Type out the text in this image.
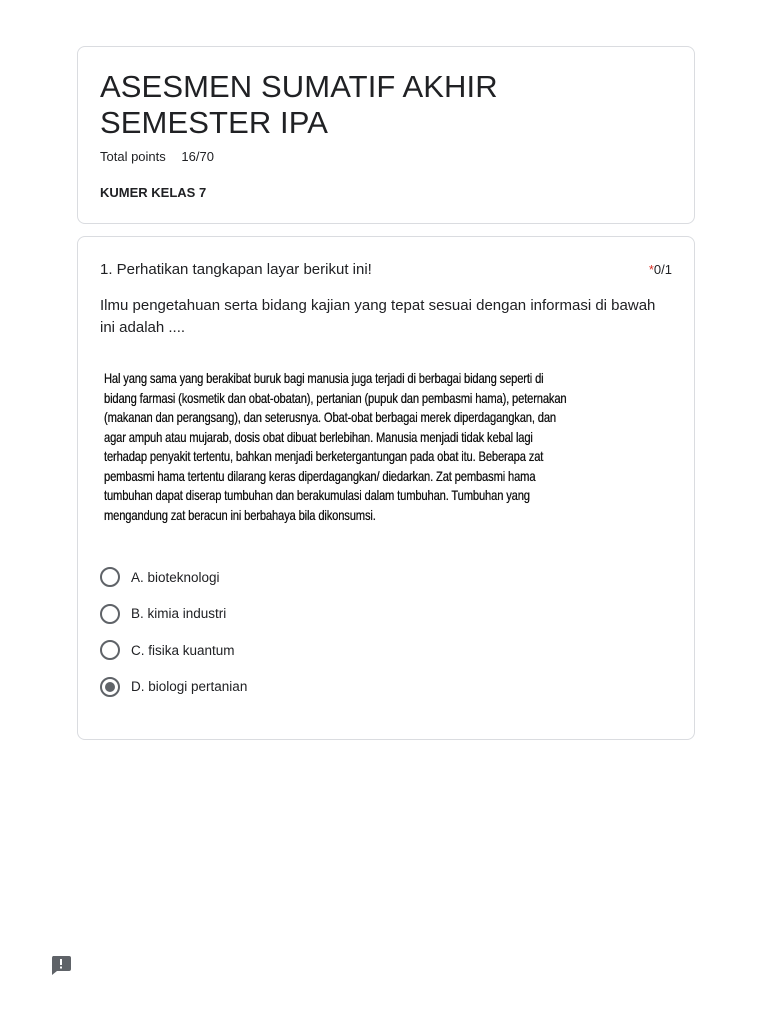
ASESMEN SUMATIF AKHIR SEMESTER IPA
Total points 16/70
KUMER KELAS 7
1. Perhatikan tangkapan layar berikut ini!	*0/1
Ilmu pengetahuan serta bidang kajian yang tepat sesuai dengan informasi di bawah ini adalah ....
Hal yang sama yang berakibat buruk bagi manusia juga terjadi di berbagai bidang seperti di bidang farmasi (kosmetik dan obat-obatan), pertanian (pupuk dan pembasmi hama), peternakan (makanan dan perangsang), dan seterusnya. Obat-obat berbagai merek diperdagangkan, dan agar ampuh atau mujarab, dosis obat dibuat berlebihan. Manusia menjadi tidak kebal lagi terhadap penyakit tertentu, bahkan menjadi berketergantungan pada obat itu. Beberapa zat pembasmi hama tertentu dilarang keras diperdagangkan/ diedarkan. Zat pembasmi hama tumbuhan dapat diserap tumbuhan dan berakumulasi dalam tumbuhan. Tumbuhan yang mengandung zat beracun ini berbahaya bila dikonsumsi.
A. bioteknologi
B. kimia industri
C. fisika kuantum
D. biologi pertanian
